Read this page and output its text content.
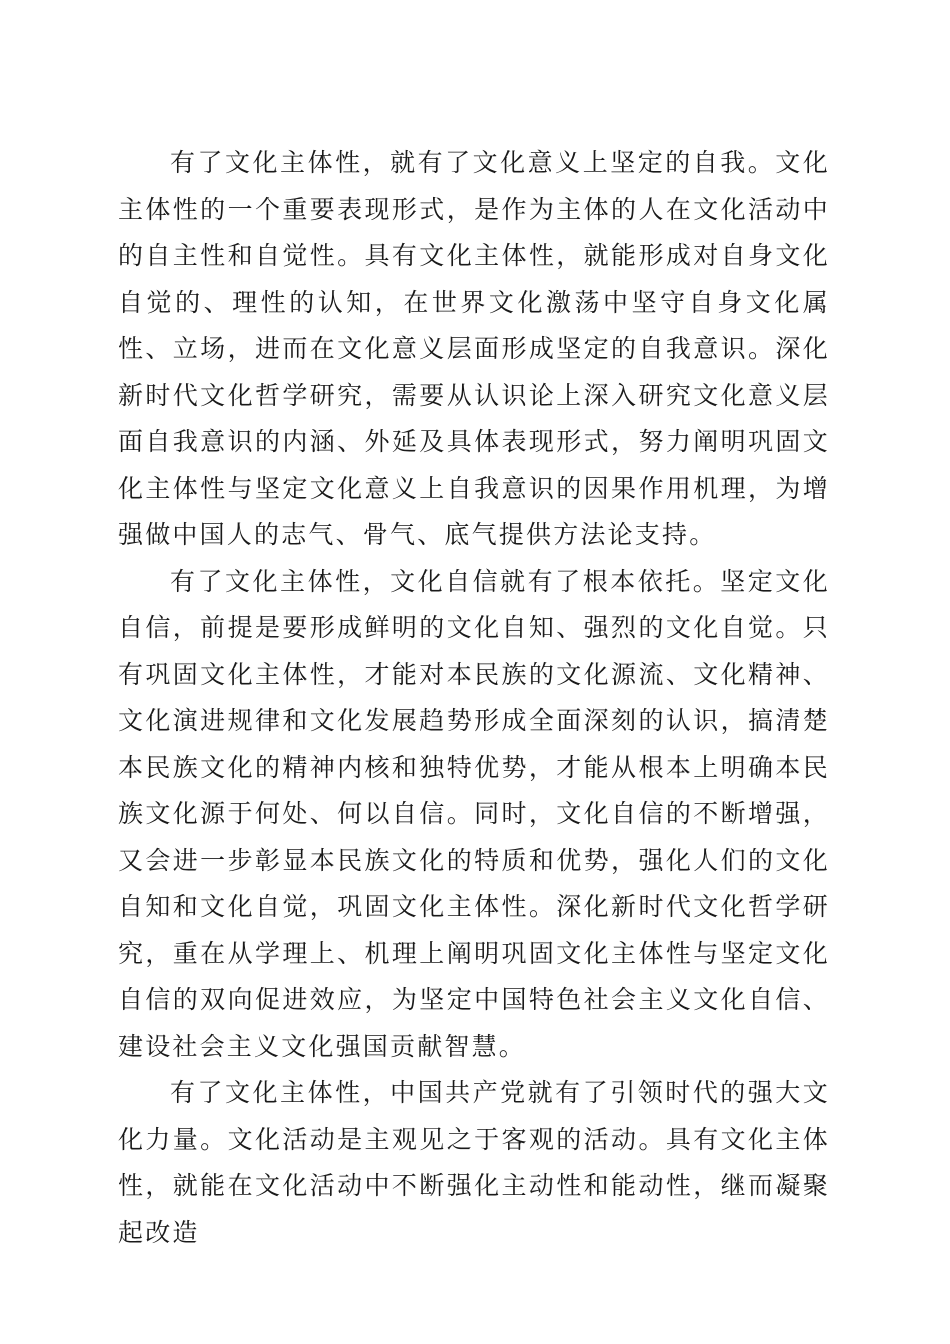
有了文化主体性，就有了文化意义上坚定的自我。文化主体性的一个重要表现形式，是作为主体的人在文化活动中的自主性和自觉性。具有文化主体性，就能形成对自身文化自觉的、理性的认知，在世界文化激荡中坚守自身文化属性、立场，进而在文化意义层面形成坚定的自我意识。深化新时代文化哲学研究，需要从认识论上深入研究文化意义层面自我意识的内涵、外延及具体表现形式，努力阐明巩固文化主体性与坚定文化意义上自我意识的因果作用机理，为增强做中国人的志气、骨气、底气提供方法论支持。

有了文化主体性，文化自信就有了根本依托。坚定文化自信，前提是要形成鲜明的文化自知、强烈的文化自觉。只有巩固文化主体性，才能对本民族的文化源流、文化精神、文化演进规律和文化发展趋势形成全面深刻的认识，搞清楚本民族文化的精神内核和独特优势，才能从根本上明确本民族文化源于何处、何以自信。同时，文化自信的不断增强，又会进一步彰显本民族文化的特质和优势，强化人们的文化自知和文化自觉，巩固文化主体性。深化新时代文化哲学研究，重在从学理上、机理上阐明巩固文化主体性与坚定文化自信的双向促进效应，为坚定中国特色社会主义文化自信、建设社会主义文化强国贡献智慧。

有了文化主体性，中国共产党就有了引领时代的强大文化力量。文化活动是主观见之于客观的活动。具有文化主体性，就能在文化活动中不断强化主动性和能动性，继而凝聚起改造
